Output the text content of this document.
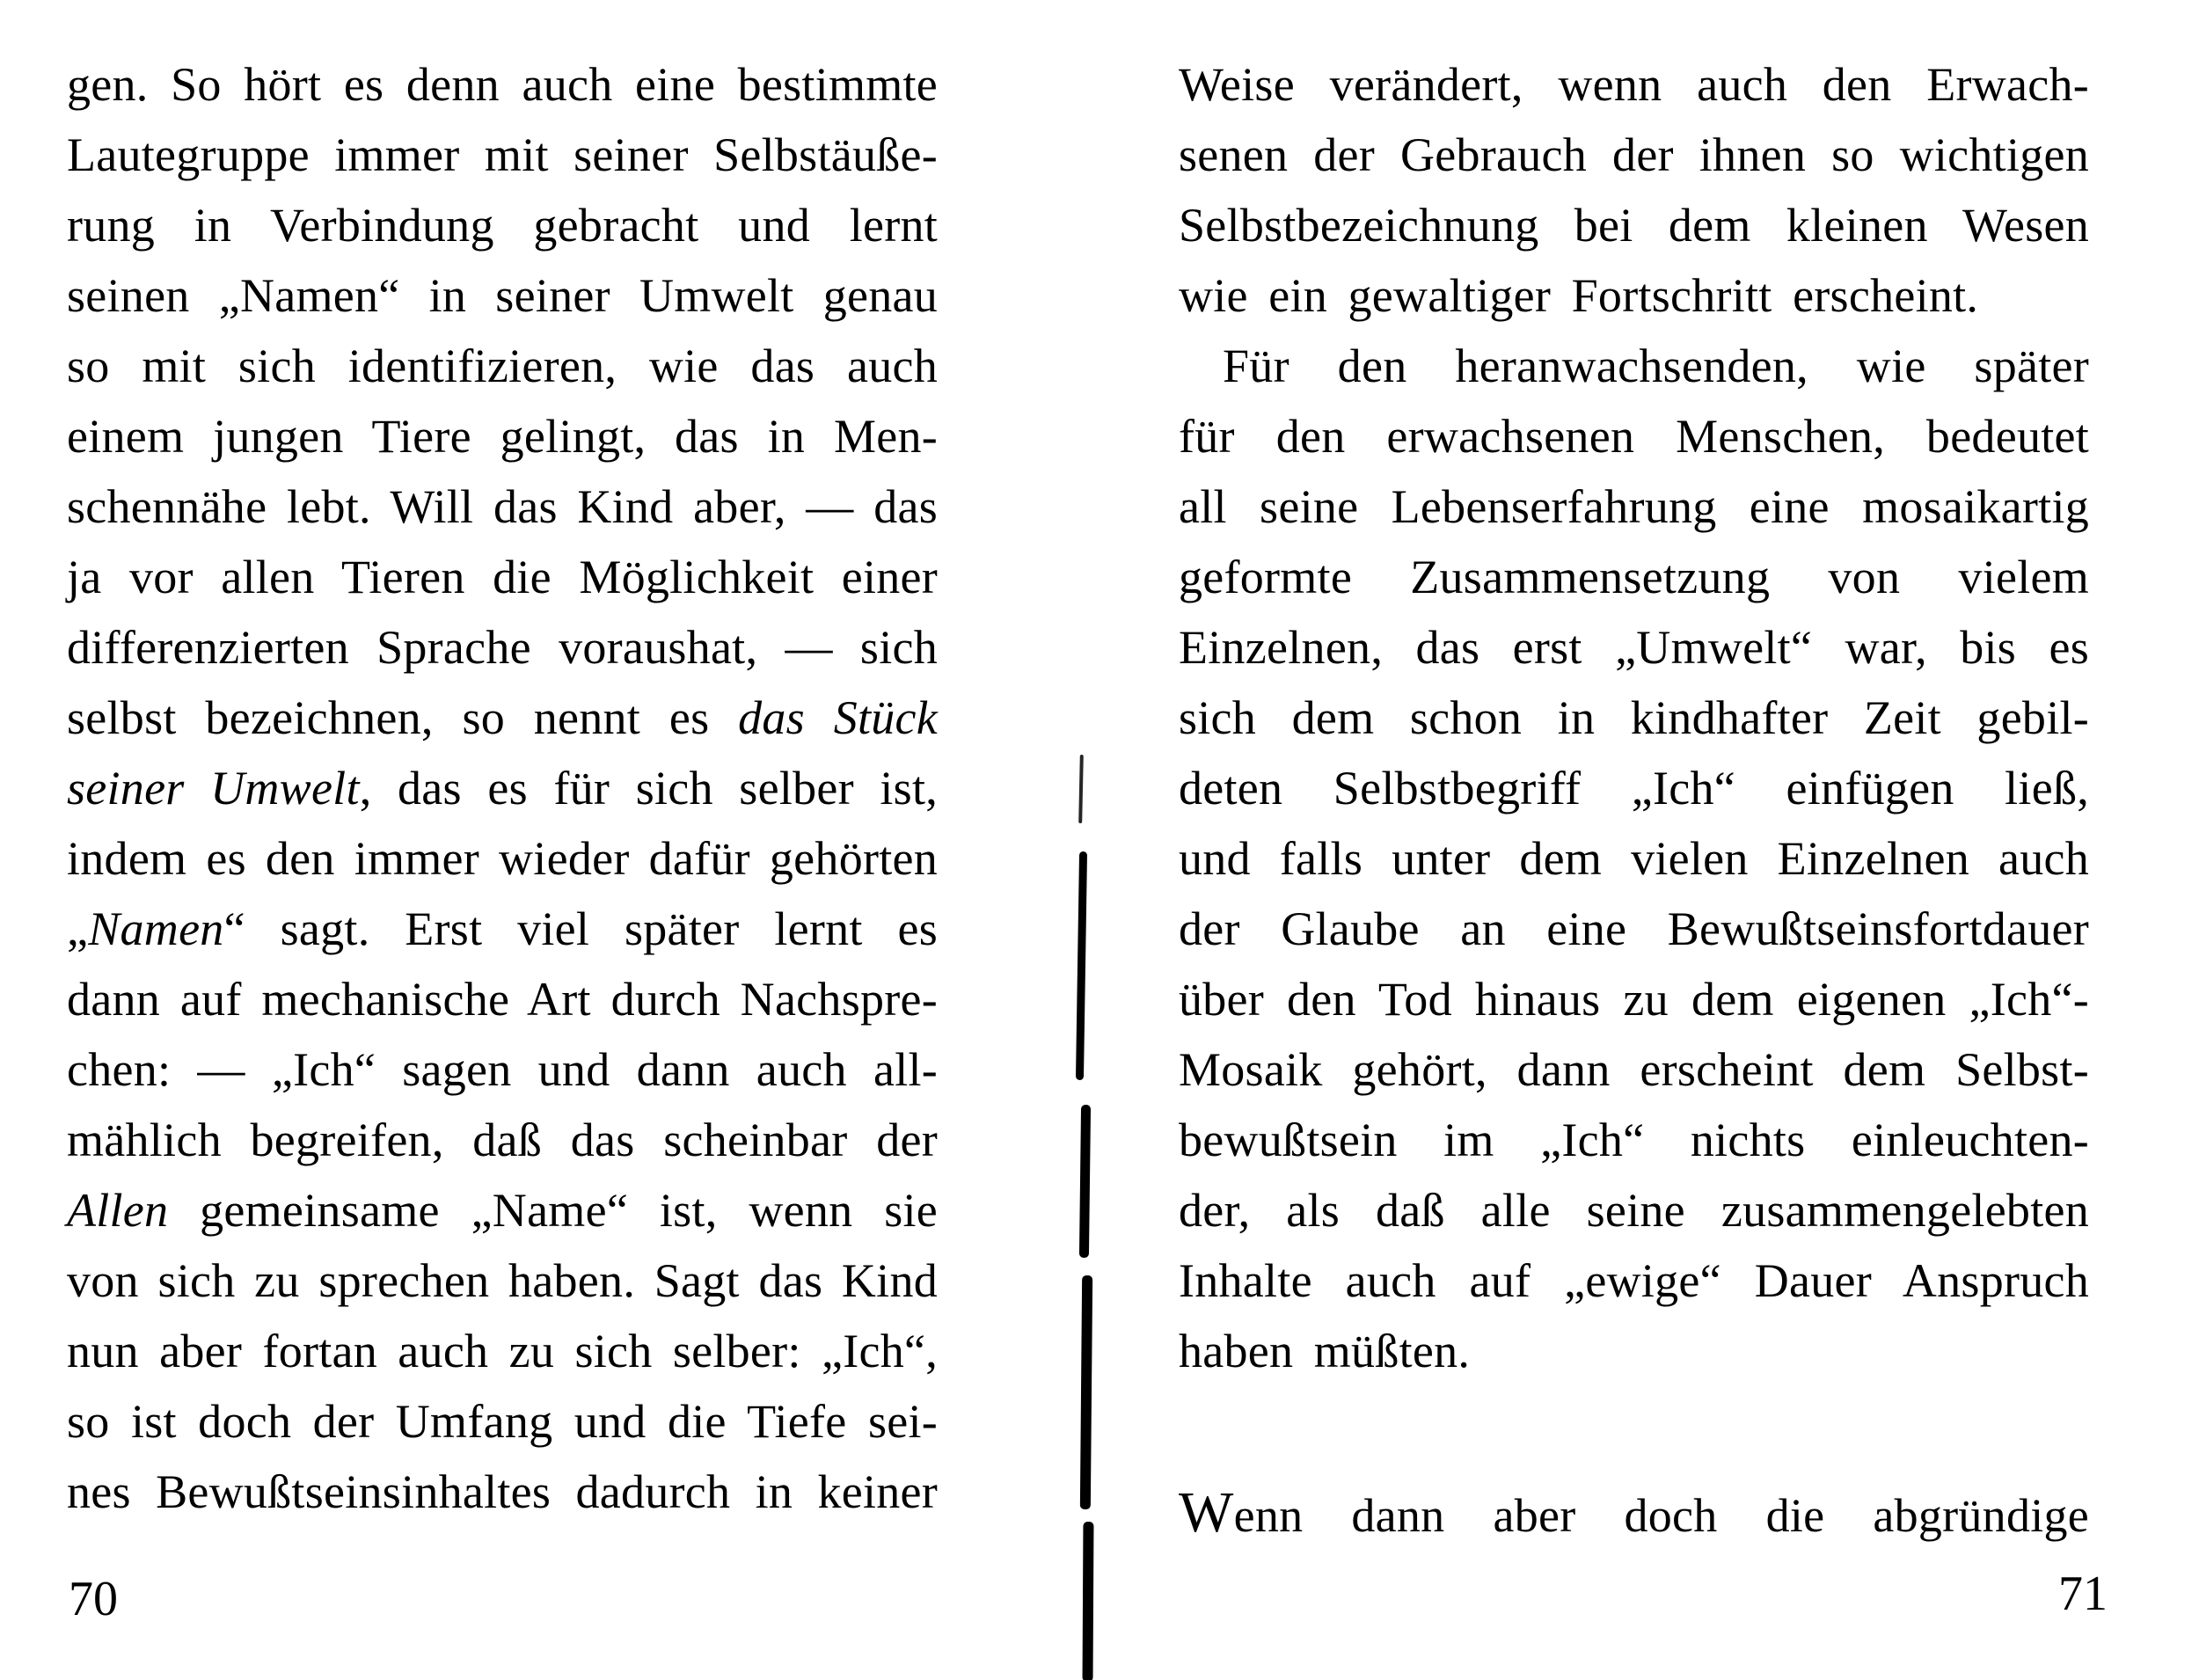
gen. So hört es denn auch eine bestimmte
Lautegruppe immer mit seiner Selbstäuße-
rung in Verbindung gebracht und lernt
seinen „Namen“ in seiner Umwelt genau
so mit sich identifizieren, wie das auch
einem jungen Tiere gelingt, das in Men-
schennähe lebt. Will das Kind aber, — das
ja vor allen Tieren die Möglichkeit einer
differenzierten Sprache voraushat, — sich
selbst bezeichnen, so nennt es das Stück
seiner Umwelt, das es für sich selber ist,
indem es den immer wieder dafür gehörten
„Namen“ sagt. Erst viel später lernt es
dann auf mechanische Art durch Nachspre-
chen: — „Ich“ sagen und dann auch all-
mählich begreifen, daß das scheinbar der
Allen gemeinsame „Name“ ist, wenn sie
von sich zu sprechen haben. Sagt das Kind
nun aber fortan auch zu sich selber: „Ich“,
so ist doch der Umfang und die Tiefe sei-
nes Bewußtseinsinhaltes dadurch in keiner
Weise verändert, wenn auch den Erwach-
senen der Gebrauch der ihnen so wichtigen
Selbstbezeichnung bei dem kleinen Wesen
wie ein gewaltiger Fortschritt erscheint.
Für den heranwachsenden, wie später
für den erwachsenen Menschen, bedeutet
all seine Lebenserfahrung eine mosaikartig
geformte Zusammensetzung von vielem
Einzelnen, das erst „Umwelt“ war, bis es
sich dem schon in kindhafter Zeit gebil-
deten Selbstbegriff „Ich“ einfügen ließ,
und falls unter dem vielen Einzelnen auch
der Glaube an eine Bewußtseinsfortdauer
über den Tod hinaus zu dem eigenen „Ich“-
Mosaik gehört, dann erscheint dem Selbst-
bewußtsein im „Ich“ nichts einleuchten-
der, als daß alle seine zusammengelebten
Inhalte auch auf „ewige“ Dauer Anspruch
haben müßten.
Wenn dann aber doch die abgründige
70	71
